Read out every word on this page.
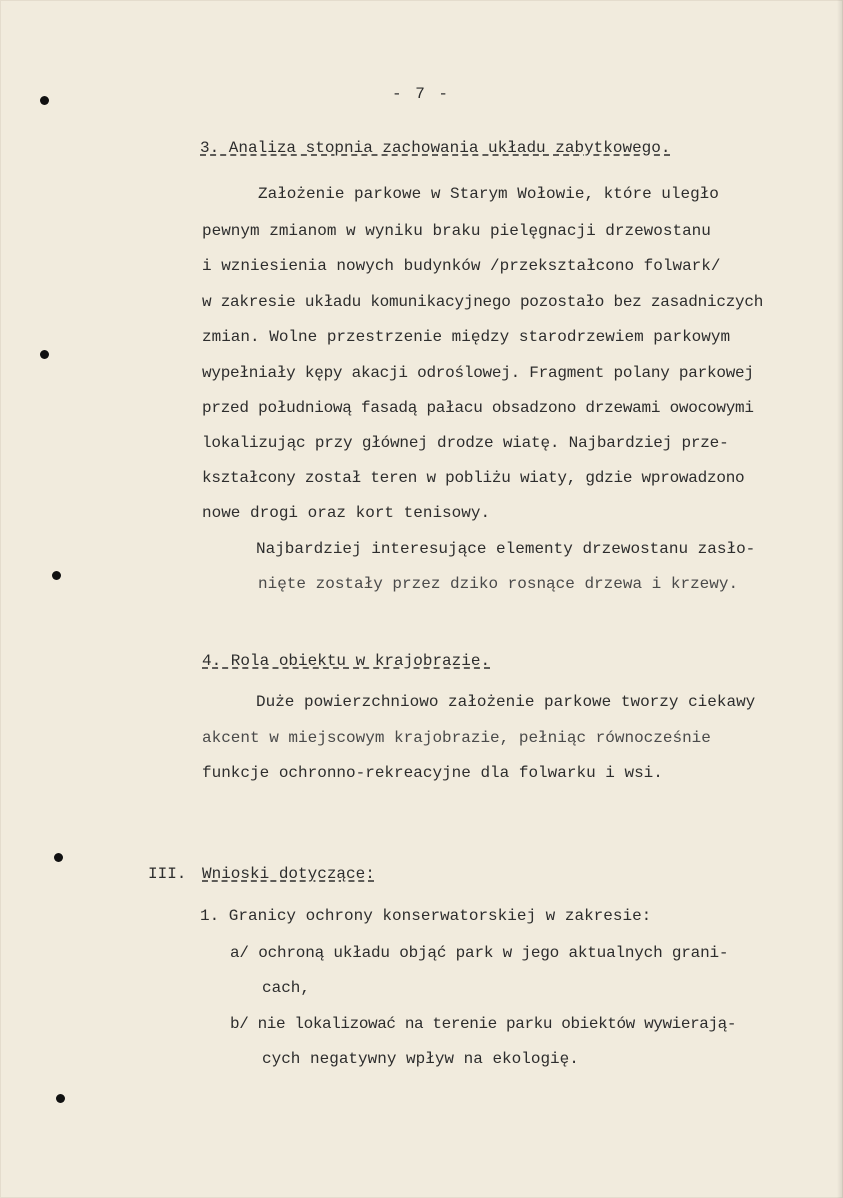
- 7 -
3. Analiza stopnia zachowania układu zabytkowego.
Założenie parkowe w Starym Wołowie, które uległo
pewnym zmianom w wyniku braku pielęgnacji drzewostanu
i wzniesienia nowych budynków /przekształcono folwark/
w zakresie układu komunikacyjnego pozostało bez zasadniczych
zmian. Wolne przestrzenie między starodrzewiem parkowym
wypełniały kępy akacji odroślowej. Fragment polany parkowej
przed południową fasadą pałacu obsadzono drzewami owocowymi
lokalizując przy głównej drodze wiatę. Najbardziej prze-
kształcony został teren w pobliżu wiaty, gdzie wprowadzono
nowe drogi oraz kort tenisowy.
Najbardziej interesujące elementy drzewostanu zasło-
nięte zostały przez dziko rosnące drzewa i krzewy.
4. Rola obiektu w krajobrazie.
Duże powierzchniowo założenie parkowe tworzy ciekawy
akcent w miejscowym krajobrazie, pełniąc równocześnie
funkcje ochronno-rekreacyjne dla folwarku i wsi.
III. Wnioski dotyczące:
1. Granicy ochrony konserwatorskiej w zakresie:
a/ ochroną układu objąć park w jego aktualnych grani-
cach,
b/ nie lokalizować na terenie parku obiektów wywierają-
cych negatywny wpływ na ekologię.
